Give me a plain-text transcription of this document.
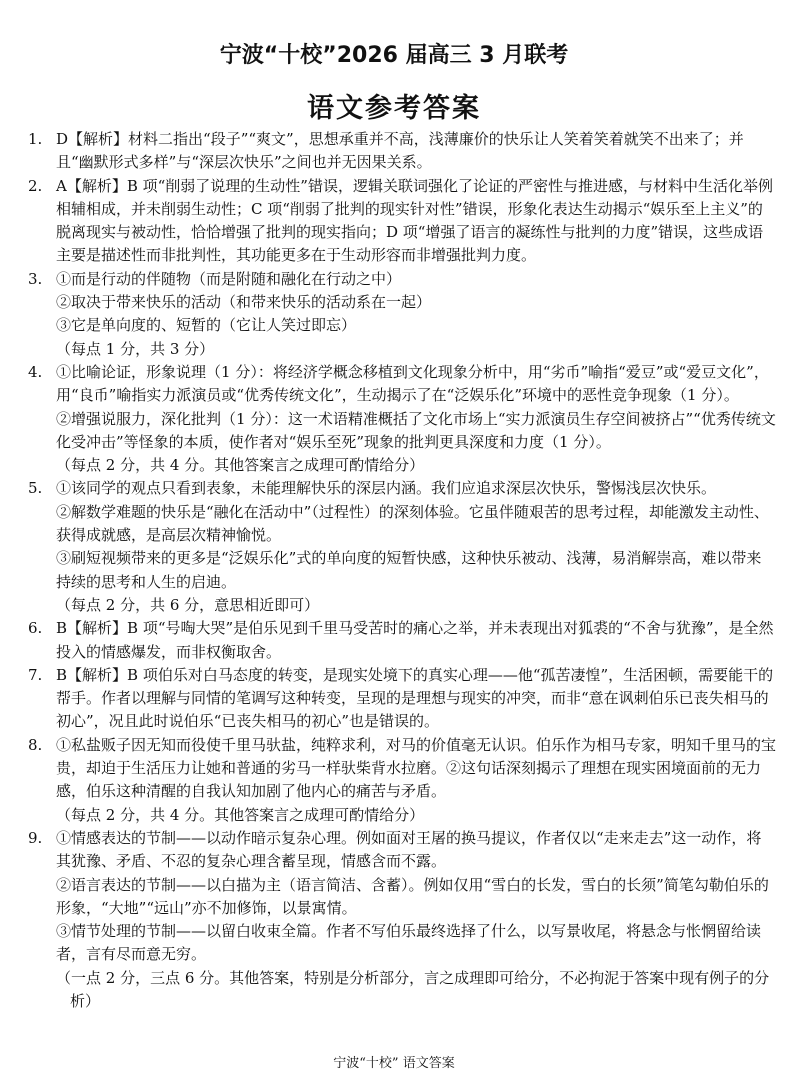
宁波“十校”2026 届高三 3 月联考
语文参考答案
1. D【解析】材料二指出“段子”“爽文”，思想承重并不高，浅薄廉价的快乐让人笑着笑着就笑不出来了；并且“幽默形式多样”与“深层次快乐”之间也并无因果关系。
2. A【解析】B 项“削弱了说理的生动性”错误，逻辑关联词强化了论证的严密性与推进感，与材料中生活化举例相辅相成，并未削弱生动性；C 项“削弱了批判的现实针对性”错误，形象化表达生动揭示“娱乐至上主义”的脱离现实与被动性，恰恰增强了批判的现实指向；D 项“增强了语言的凝练性与批判的力度”错误，这些成语主要是描述性而非批判性，其功能更多在于生动形容而非增强批判力度。
3. ①而是行动的伴随物（而是附随和融化在行动之中）
②取决于带来快乐的活动（和带来快乐的活动系在一起）
③它是单向度的、短暂的（它让人笑过即忘）
（每点 1 分，共 3 分）
4. ①比喻论证，形象说理（1 分）：将经济学概念移植到文化现象分析中，用“劣币”喻指“爱豆”或“爱豆文化”，用“良币”喻指实力派演员或“优秀传统文化”，生动揭示了在“泛娱乐化”环境中的恶性竞争现象（1 分）。
②增强说服力，深化批判（1 分）：这一术语精准概括了文化市场上“实力派演员生存空间被挤占”“优秀传统文化受冲击”等怪象的本质，使作者对“娱乐至死”现象的批判更具深度和力度（1 分）。
（每点 2 分，共 4 分。其他答案言之成理可酌情给分）
5. ①该同学的观点只看到表象，未能理解快乐的深层内涵。我们应追求深层次快乐，警惕浅层次快乐。
②解数学难题的快乐是“融化在活动中”（过程性）的深刻体验。它虽伴随艰苦的思考过程，却能激发主动性、获得成就感，是高层次精神愉悦。
③刷短视频带来的更多是“泛娱乐化”式的单向度的短暂快感，这种快乐被动、浅薄，易消解崇高，难以带来持续的思考和人生的启迪。
（每点 2 分，共 6 分，意思相近即可）
6. B【解析】B 项“号啕大哭”是伯乐见到千里马受苦时的痛心之举，并未表现出对狐裘的“不舍与犹豫”，是全然投入的情感爆发，而非权衡取舍。
7. B【解析】B 项伯乐对白马态度的转变，是现实处境下的真实心理——他“孤苦凄惶”，生活困顿，需要能干的帮手。作者以理解与同情的笔调写这种转变，呈现的是理想与现实的冲突，而非“意在讽刺伯乐已丧失相马的初心”，况且此时说伯乐“已丧失相马的初心”也是错误的。
8. ①私盐贩子因无知而役使千里马驮盐，纯粹求利，对马的价值毫无认识。伯乐作为相马专家，明知千里马的宝贵，却迫于生活压力让她和普通的劣马一样驮柴背水拉磨。②这句话深刻揭示了理想在现实困境面前的无力感，伯乐这种清醒的自我认知加剧了他内心的痛苦与矛盾。
（每点 2 分，共 4 分。其他答案言之成理可酌情给分）
9. ①情感表达的节制——以动作暗示复杂心理。例如面对王屠的换马提议，作者仅以“走来走去”这一动作，将其犹豫、矛盾、不忍的复杂心理含蓄呈现，情感含而不露。
②语言表达的节制——以白描为主（语言简洁、含蓄）。例如仅用“雪白的长发，雪白的长须”简笔勾勒伯乐的形象，“大地”“远山”亦不加修饰，以景寓情。
③情节处理的节制——以留白收束全篇。作者不写伯乐最终选择了什么，以写景收尾，将悬念与怅惘留给读者，言有尽而意无穷。
（一点 2 分，三点 6 分。其他答案，特别是分析部分，言之成理即可给分，不必拘泥于答案中现有例子的分析）
宁波“十校” 语文答案
